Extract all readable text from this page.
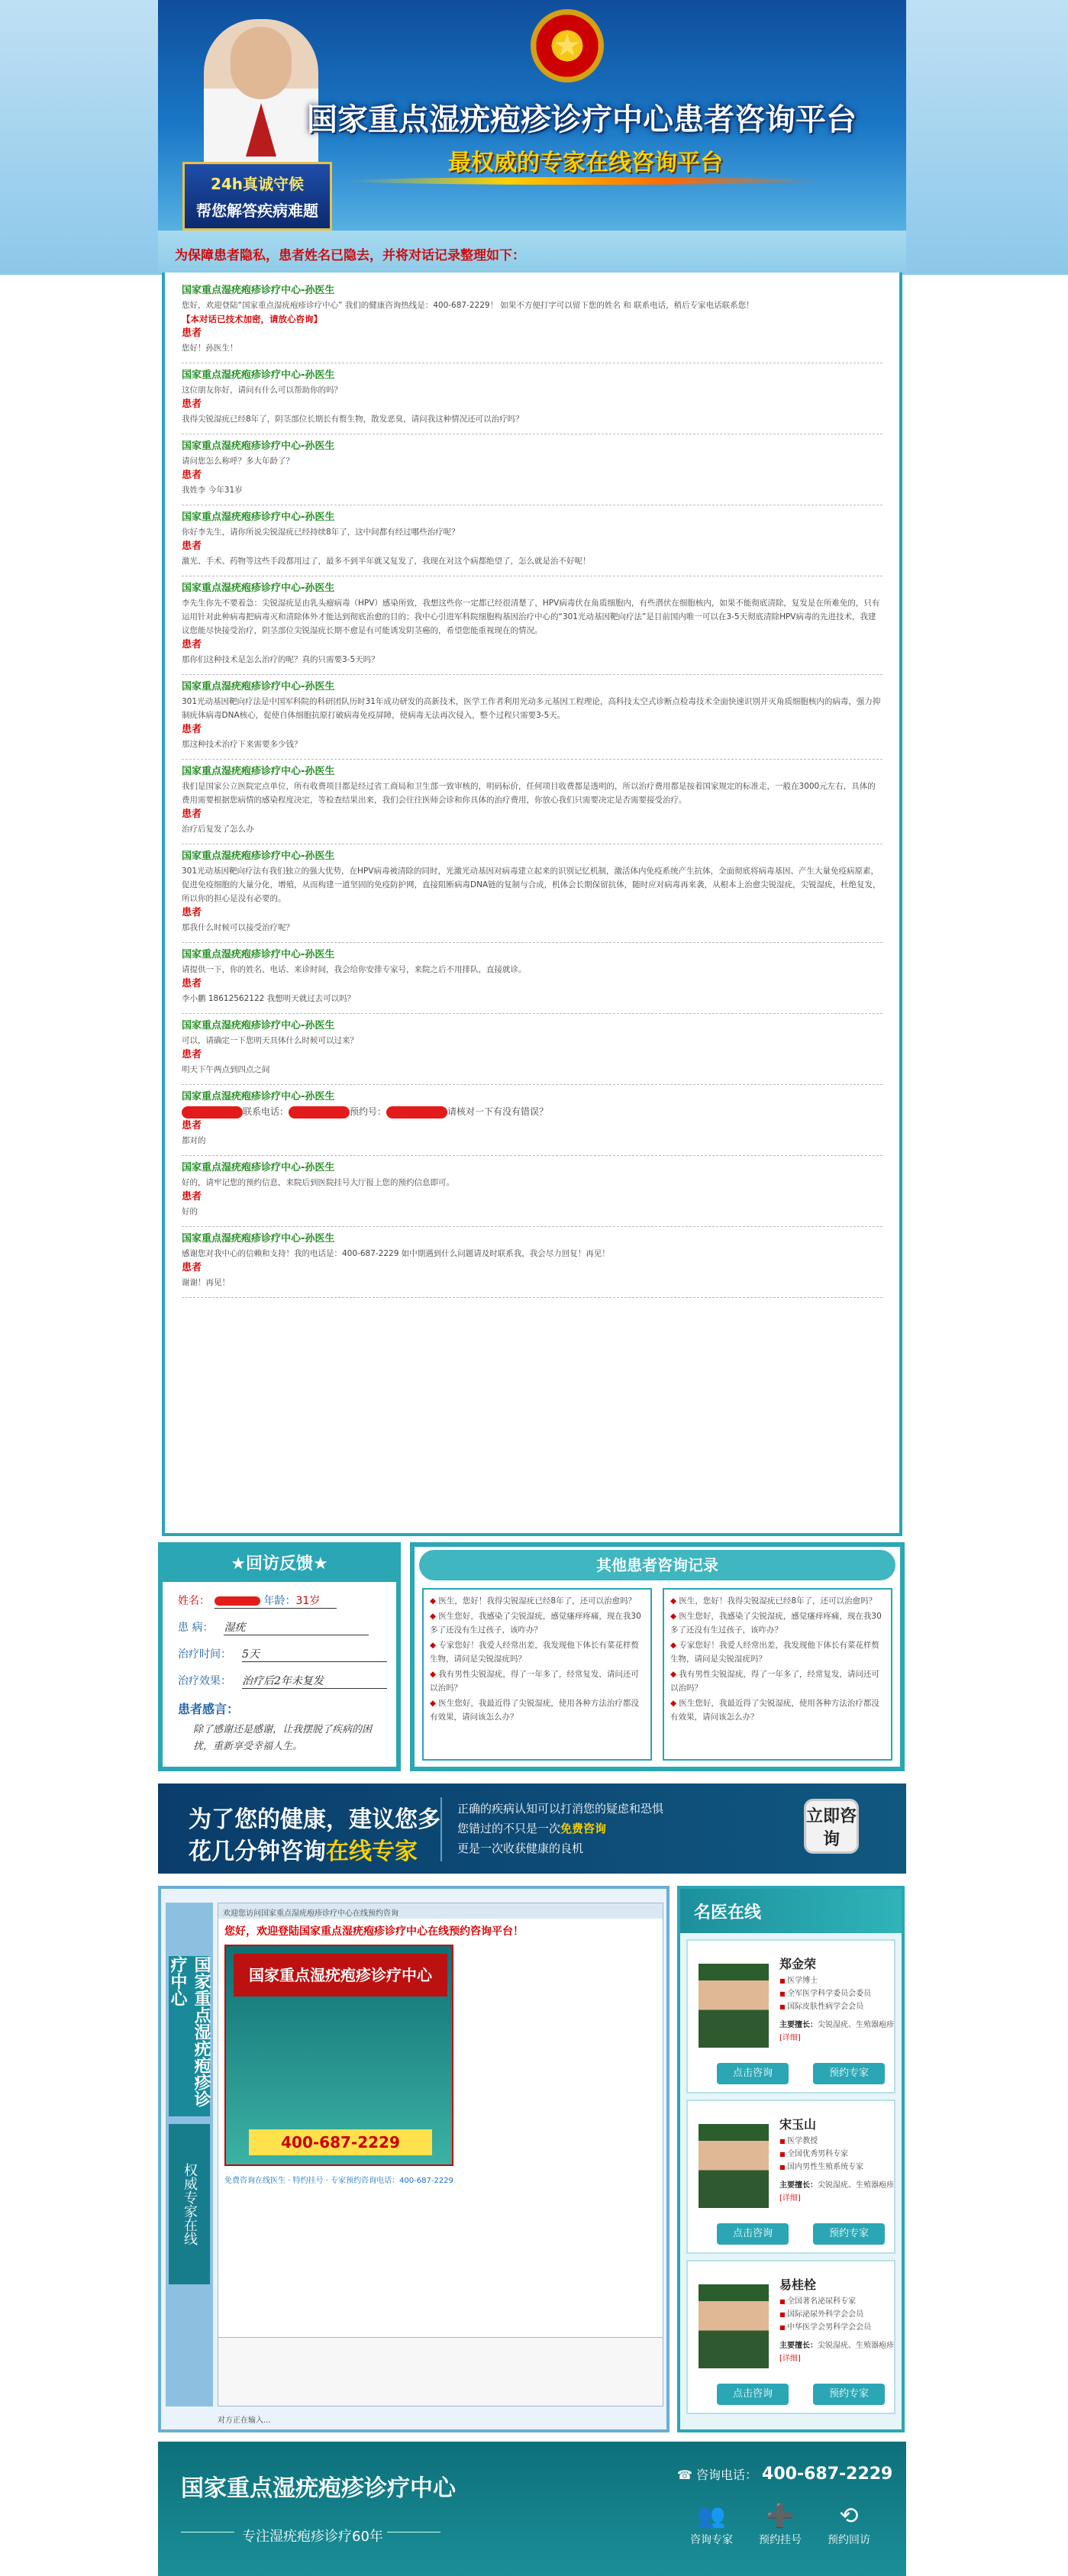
★
国家重点湿疣疱疹诊疗中心患者咨询平台
最权威的专家在线咨询平台
24h真诚守候
帮您解答疾病难题
为保障患者隐私，患者姓名已隐去，并将对话记录整理如下：
国家重点湿疣疱疹诊疗中心-孙医生
您好，欢迎登陆“国家重点湿疣疱疹诊疗中心” 我们的健康咨询热线是：400-687-2229！ 如果不方便打字可以留下您的姓名 和 联系电话，稍后专家电话联系您！
【本对话已技术加密，请放心咨询】
患者
您好！孙医生！
国家重点湿疣疱疹诊疗中心-孙医生
这位朋友你好，请问有什么可以帮助你的吗？
患者
我得尖锐湿疣已经8年了，阴茎部位长期长有赘生物，散发恶臭，请问我这种情况还可以治疗吗？
国家重点湿疣疱疹诊疗中心-孙医生
请问您怎么称呼？多大年龄了？
患者
我姓李 今年31岁
国家重点湿疣疱疹诊疗中心-孙医生
你好李先生，请你所说尖锐湿疣已经持续8年了，这中间都有经过哪些治疗呢？
患者
激光、手术、药物等这些手段都用过了，最多不到半年就又复发了，我现在对这个病都绝望了，怎么就是治不好呢！
国家重点湿疣疱疹诊疗中心-孙医生
李先生你先不要着急：尖锐湿疣是由乳头瘤病毒（HPV）感染所致，我想这些你一定都已经很清楚了，HPV病毒伏在角质细胞内，有些潜伏在细胞核内，如果不能彻底清除，复发是在所难免的，只有运用针对此种病毒把病毒灭和清除体外才能达到彻底治愈的目的；我中心引进军科院细胞构基因治疗中心的“301光动基因靶向疗法”是目前国内唯一可以在3-5天彻底清除HPV病毒的先进技术，我建议您能尽快接受治疗，阴茎部位尖锐湿疣长期不愈是有可能诱发阴茎癌的，希望您能重视现在的情况。
患者
那你们这种技术是怎么治疗的呢？真的只需要3-5天吗？
国家重点湿疣疱疹诊疗中心-孙医生
301光动基因靶向疗法是中国军科院的科研团队历时31年成功研发的高新技术，医学工作者利用光动多元基因工程理论，高科技太空式诊断点检毒技术全面快速识别并灭角质细胞核内的病毒，强力抑制疣体病毒DNA核心，促使自体细胞抗原打破病毒免疫屏障，使病毒无法再次侵入，整个过程只需要3-5天。
患者
那这种技术治疗下来需要多少钱？
国家重点湿疣疱疹诊疗中心-孙医生
我们是国家公立医院定点单位，所有收费项目都是经过省工商局和卫生部一致审核的，明码标价，任何项目收费都是透明的，所以治疗费用都是按着国家规定的标准走，一般在3000元左右，具体的费用需要根据您病情的感染程度决定，等检查结果出来，我们会往往医师会诊和你具体的治疗费用，你放心我们只需要决定是否需要接受治疗。
患者
治疗后复发了怎么办
国家重点湿疣疱疹诊疗中心-孙医生
301光动基因靶向疗法有我们独立的强大优势，在HPV病毒被清除的同时，光激光动基因对病毒建立起来的识别记忆机制，激活体内免疫系统产生抗体，全面彻底将病毒基因、产生大量免疫病原素，促进免疫细胞的大量分化，增殖，从而构建一道坚固的免疫防护网，直接阻断病毒DNA链的复制与合成，机体会长期保留抗体，随时应对病毒再来袭，从根本上治愈尖锐湿疣，尖锐湿疣，杜绝复发，所以你的担心是没有必要的。
患者
那我什么时候可以接受治疗呢？
国家重点湿疣疱疹诊疗中心-孙医生
请提供一下，你的姓名、电话、来诊时间，我会给你安排专家号，来院之后不用排队，直接就诊。
患者
李小鹏 18612562122 我想明天就过去可以吗？
国家重点湿疣疱疹诊疗中心-孙医生
可以，请确定一下您明天具体什么时候可以过来？
患者
明天下午两点到四点之间
国家重点湿疣疱疹诊疗中心-孙医生
联系电话：	预约号：	请核对一下有没有错误？
患者
都对的
国家重点湿疣疱疹诊疗中心-孙医生
好的，请牢记您的预约信息，来院后到医院挂号大厅报上您的预约信息即可。
患者
好的
国家重点湿疣疱疹诊疗中心-孙医生
感谢您对我中心的信赖和支持！我的电话是：400-687-2229 如中期遇到什么问题请及时联系我，我会尽力回复！再见！
患者
谢谢！再见！
★回访反馈★
姓名：	年龄：31岁
患 病： 湿疣
治疗时间： 5天
治疗效果： 治疗后2年未复发
患者感言：
除了感谢还是感谢，让我摆脱了疾病的困扰，重新享受幸福人生。
其他患者咨询记录

◆ 医生，您好！我得尖锐湿疣已经8年了，还可以治愈吗？

◆ 医生您好，我感染了尖锐湿疣，感觉瘙痒疼痛，现在我30多了还没有生过孩子，该咋办？

◆ 专家您好！我爱人经常出差，我发现他下体长有菜花样赘生物，请问是尖锐湿疣吗？

◆ 我有男性尖锐湿疣，得了一年多了，经常复发，请问还可以治吗？

◆ 医生您好，我最近得了尖锐湿疣，使用各种方法治疗都没有效果，请问该怎么办？

◆ 医生，您好！我得尖锐湿疣已经8年了，还可以治愈吗？

◆ 医生您好，我感染了尖锐湿疣，感觉瘙痒疼痛，现在我30多了还没有生过孩子，该咋办？

◆ 专家您好！我爱人经常出差，我发现他下体长有菜花样赘生物，请问是尖锐湿疣吗？

◆ 我有男性尖锐湿疣，得了一年多了，经常复发，请问还可以治吗？

◆ 医生您好，我最近得了尖锐湿疣，使用各种方法治疗都没有效果，请问该怎么办？

为了您的健康，建议您多
花几分钟咨询在线专家
正确的疾病认知可以打消您的疑虑和恐惧
您错过的不只是一次免费咨询
更是一次收获健康的良机
立即咨询
国家重点湿疣疱疹诊疗中心
权威专家在线
欢迎您访问国家重点湿疣疱疹诊疗中心在线预约咨询
您好，欢迎登陆国家重点湿疣疱疹诊疗中心在线预约咨询平台！
国家重点湿疣疱疹诊疗中心
400-687-2229
免费咨询在线医生 · 特约挂号 · 专家预约咨询电话：400-687-2229
对方正在输入...
名医在线
郑金荣

■ 医学博士

■ 全军医学科学委员会委员

■ 国际皮肤性病学会会员

主要擅长：尖锐湿疣、生殖器疱疹[详细]
点击咨询	预约专家
宋玉山

■ 医学教授

■ 全国优秀男科专家

■ 国内男性生殖系统专家

主要擅长：尖锐湿疣、生殖器疱疹[详细]
点击咨询	预约专家
易桂栓

■ 全国著名泌尿科专家

■ 国际泌尿外科学会会员

■ 中华医学会男科学会会员

主要擅长：尖锐湿疣、生殖器疱疹[详细]
点击咨询	预约专家
国家重点湿疣疱疹诊疗中心
专注湿疣疱疹诊疗60年
☎ 咨询电话： 400-687-2229
👥
咨询专家
➕
预约挂号
⟲
预约回访
